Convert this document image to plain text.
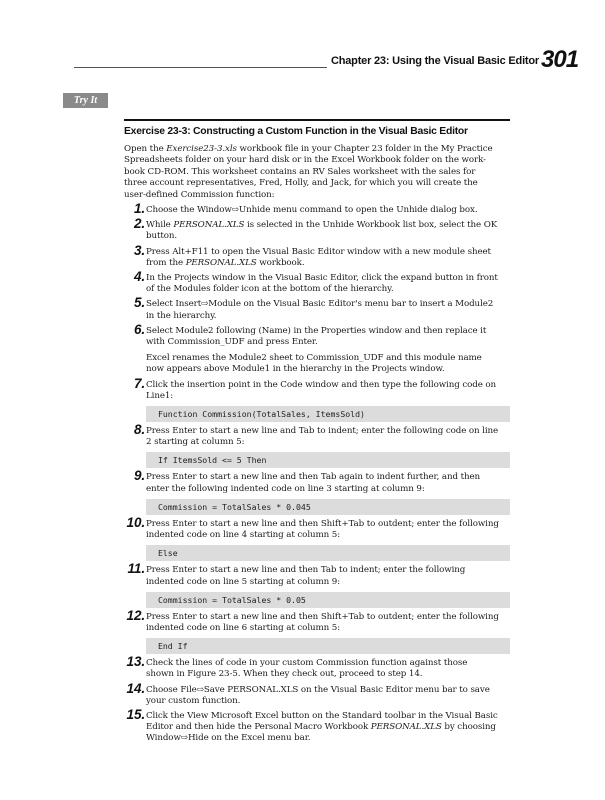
Chapter 23: Using the Visual Basic Editor 301
Try It
Exercise 23-3: Constructing a Custom Function in the Visual Basic Editor
Open the Exercise23-3.xls workbook file in your Chapter 23 folder in the My Practice
Spreadsheets folder on your hard disk or in the Excel Workbook folder on the work-
book CD-ROM. This worksheet contains an RV Sales worksheet with the sales for
three account representatives, Fred, Holly, and Jack, for which you will create the
user-defined Commission function:
1. Choose the Window⇨Unhide menu command to open the Unhide dialog box.
2. While PERSONAL.XLS is selected in the Unhide Workbook list box, select the OK
button.
3. Press Alt+F11 to open the Visual Basic Editor window with a new module sheet
from the PERSONAL.XLS workbook.
4. In the Projects window in the Visual Basic Editor, click the expand button in front
of the Modules folder icon at the bottom of the hierarchy.
5. Select Insert⇨Module on the Visual Basic Editor's menu bar to insert a Module2
in the hierarchy.
6. Select Module2 following (Name) in the Properties window and then replace it
with Commission_UDF and press Enter.
Excel renames the Module2 sheet to Commission_UDF and this module name
now appears above Module1 in the hierarchy in the Projects window.
7. Click the insertion point in the Code window and then type the following code on
Line1:
Function Commission(TotalSales, ItemsSold)
8. Press Enter to start a new line and Tab to indent; enter the following code on line
2 starting at column 5:
If ItemsSold <= 5 Then
9. Press Enter to start a new line and then Tab again to indent further, and then
enter the following indented code on line 3 starting at column 9:
Commission = TotalSales * 0.045
10. Press Enter to start a new line and then Shift+Tab to outdent; enter the following
indented code on line 4 starting at column 5:
Else
11. Press Enter to start a new line and then Tab to indent; enter the following
indented code on line 5 starting at column 9:
Commission = TotalSales * 0.05
12. Press Enter to start a new line and then Shift+Tab to outdent; enter the following
indented code on line 6 starting at column 5:
End If
13. Check the lines of code in your custom Commission function against those
shown in Figure 23-5. When they check out, proceed to step 14.
14. Choose File⇨Save PERSONAL.XLS on the Visual Basic Editor menu bar to save
your custom function.
15. Click the View Microsoft Excel button on the Standard toolbar in the Visual Basic
Editor and then hide the Personal Macro Workbook PERSONAL.XLS by choosing
Window⇨Hide on the Excel menu bar.
